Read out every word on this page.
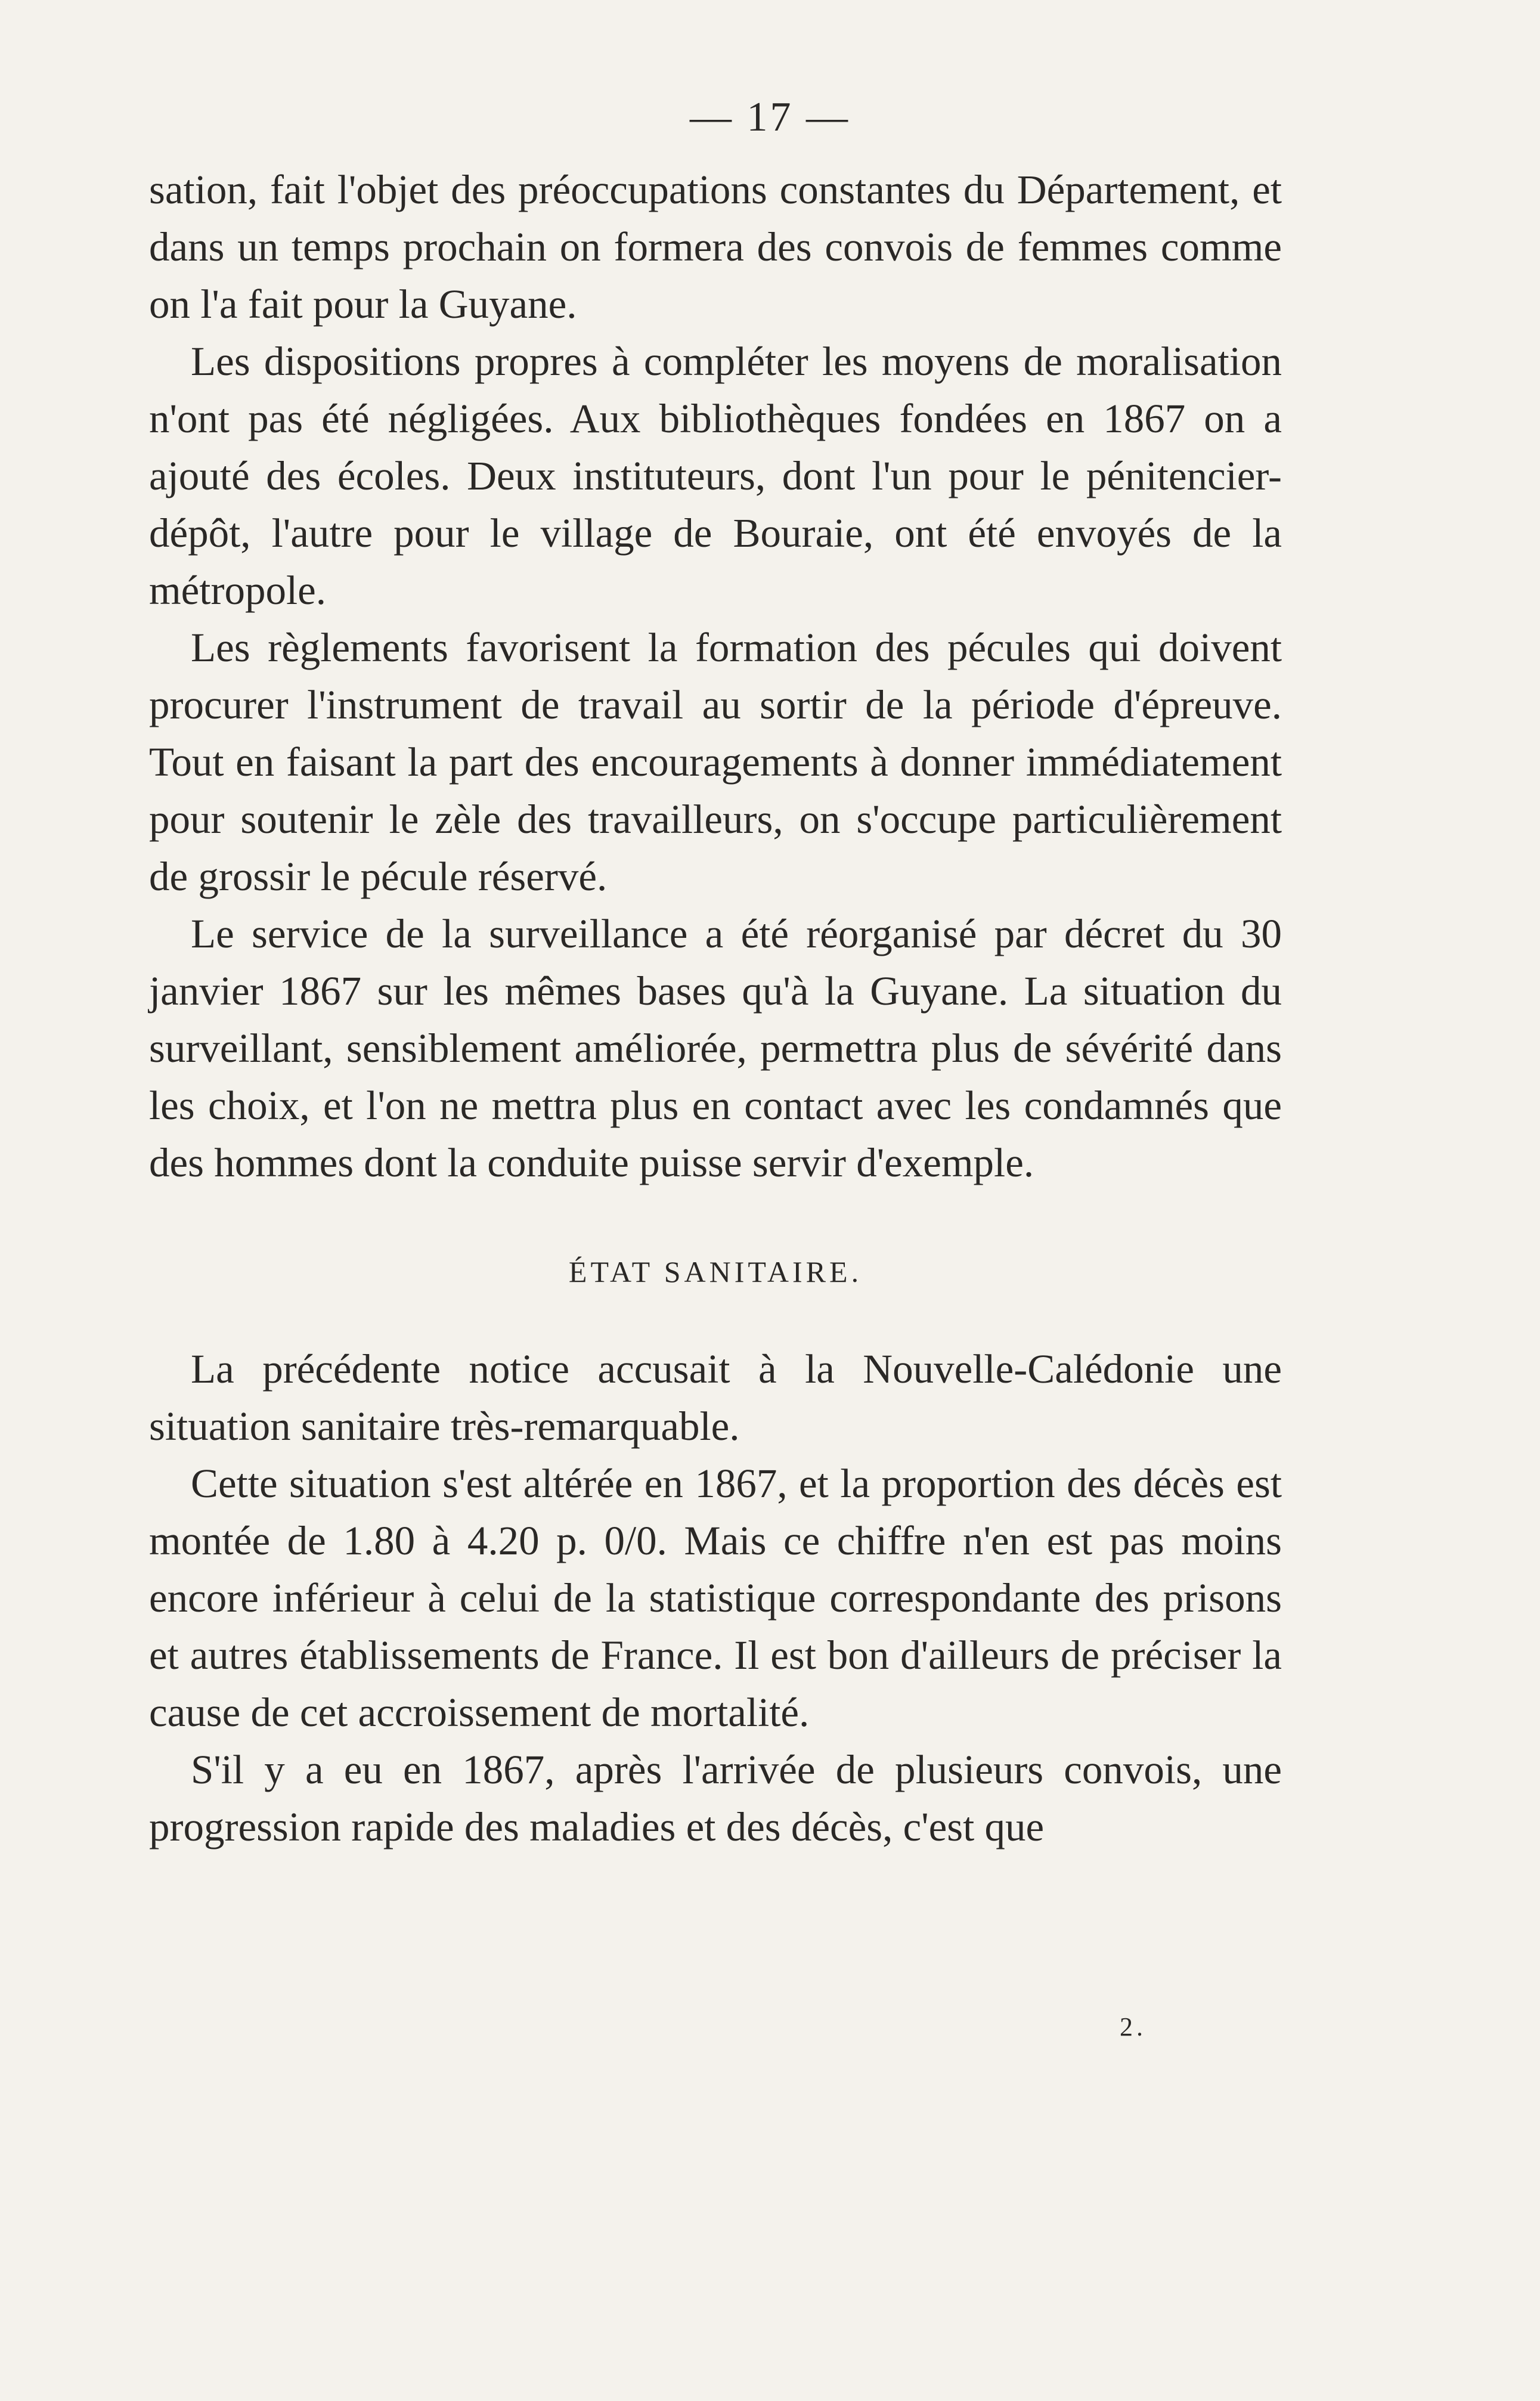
— 17 —

sation, fait l'objet des préoccupations constantes du Département, et dans un temps prochain on formera des convois de femmes comme on l'a fait pour la Guyane.

Les dispositions propres à compléter les moyens de moralisation n'ont pas été négligées. Aux bibliothèques fondées en 1867 on a ajouté des écoles. Deux instituteurs, dont l'un pour le pénitencier-dépôt, l'autre pour le village de Bouraie, ont été envoyés de la métropole.

Les règlements favorisent la formation des pécules qui doivent procurer l'instrument de travail au sortir de la période d'épreuve. Tout en faisant la part des encouragements à donner immédiatement pour soutenir le zèle des travailleurs, on s'occupe particulièrement de grossir le pécule réservé.

Le service de la surveillance a été réorganisé par décret du 30 janvier 1867 sur les mêmes bases qu'à la Guyane. La situation du surveillant, sensiblement améliorée, permettra plus de sévérité dans les choix, et l'on ne mettra plus en contact avec les condamnés que des hommes dont la conduite puisse servir d'exemple.

ÉTAT SANITAIRE.

La précédente notice accusait à la Nouvelle-Calédonie une situation sanitaire très-remarquable.

Cette situation s'est altérée en 1867, et la proportion des décès est montée de 1.80 à 4.20 p. 0/0. Mais ce chiffre n'en est pas moins encore inférieur à celui de la statistique correspondante des prisons et autres établissements de France. Il est bon d'ailleurs de préciser la cause de cet accroissement de mortalité.

S'il y a eu en 1867, après l'arrivée de plusieurs convois, une progression rapide des maladies et des décès, c'est que

2.
